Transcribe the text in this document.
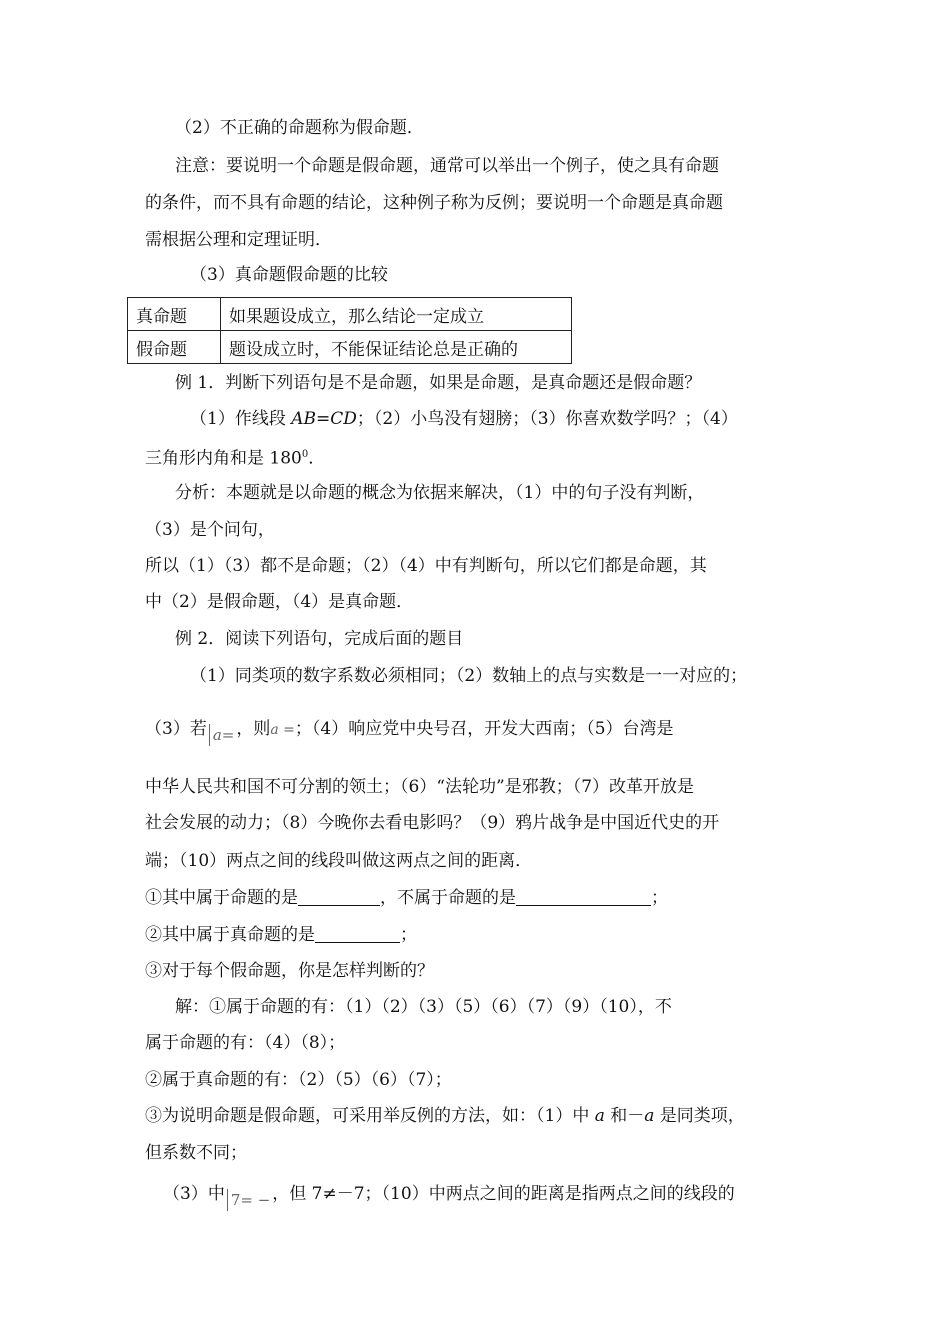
（2）不正确的命题称为假命题．
注意：要说明一个命题是假命题，通常可以举出一个例子，使之具有命题
的条件，而不具有命题的结论，这种例子称为反例；要说明一个命题是真命题
需根据公理和定理证明．
（3）真命题假命题的比较
真命题	如果题设成立，那么结论一定成立
假命题	题设成立时，不能保证结论总是正确的
例 1．判断下列语句是不是命题，如果是命题，是真命题还是假命题？
（1）作线段 AB=CD；（2）小鸟没有翅膀；（3）你喜欢数学吗？；（4）
三角形内角和是 $180^0$．
分析：本题就是以命题的概念为依据来解决，（1）中的句子没有判断，
（3）是个问句，
所以（1）（3）都不是命题；（2）（4）中有判断句，所以它们都是命题，其
中（2）是假命题，（4）是真命题．
例 2．阅读下列语句，完成后面的题目
（1）同类项的数字系数必须相同；（2）数轴上的点与实数是一一对应的；
（3）若 a= ，则a =；（4）响应党中央号召，开发大西南；（5）台湾是
中华人民共和国不可分割的领土；（6）“法轮功”是邪教；（7）改革开放是
社会发展的动力；（8）今晚你去看电影吗？（9）鸦片战争是中国近代史的开
端；（10）两点之间的线段叫做这两点之间的距离．
①其中属于命题的是	，不属于命题的是	；
②其中属于真命题的是	；
③对于每个假命题，你是怎样判断的？
解：①属于命题的有：（1）（2）（3）（5）（6）（7）（9）（10），不
属于命题的有：（4）（8）；
②属于真命题的有：（2）（5）（6）（7）；
③为说明命题是假命题，可采用举反例的方法，如：（1）中 a 和－a 是同类项，
但系数不同；
（3）中 7= − ，但 7≠－7；（10）中两点之间的距离是指两点之间的线段的
